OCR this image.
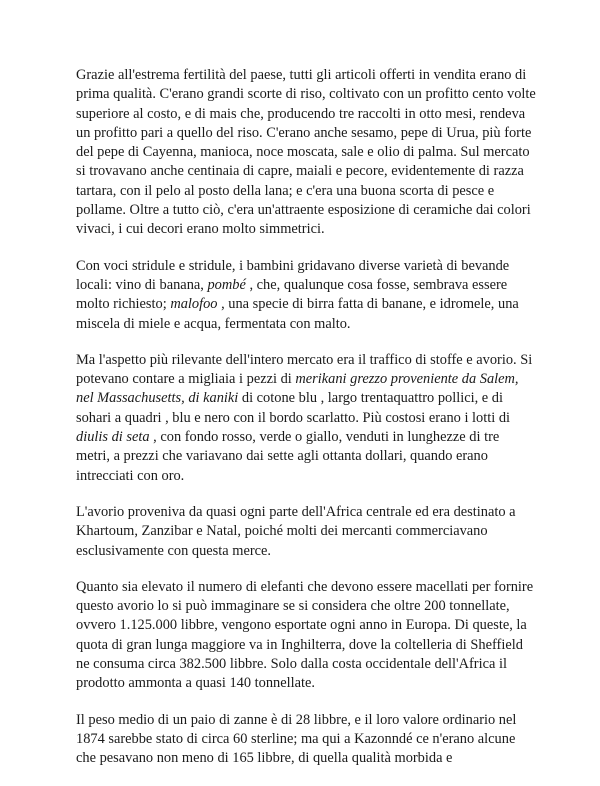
Grazie all'estrema fertilità del paese, tutti gli articoli offerti in vendita erano di prima qualità. C'erano grandi scorte di riso, coltivato con un profitto cento volte superiore al costo, e di mais che, producendo tre raccolti in otto mesi, rendeva un profitto pari a quello del riso. C'erano anche sesamo, pepe di Urua, più forte del pepe di Cayenna, manioca, noce moscata, sale e olio di palma. Sul mercato si trovavano anche centinaia di capre, maiali e pecore, evidentemente di razza tartara, con il pelo al posto della lana; e c'era una buona scorta di pesce e pollame. Oltre a tutto ciò, c'era un'attraente esposizione di ceramiche dai colori vivaci, i cui decori erano molto simmetrici.

Con voci stridule e stridule, i bambini gridavano diverse varietà di bevande locali: vino di banana, pombé , che, qualunque cosa fosse, sembrava essere molto richiesto; malofoo , una specie di birra fatta di banane, e idromele, una miscela di miele e acqua, fermentata con malto.

Ma l'aspetto più rilevante dell'intero mercato era il traffico di stoffe e avorio. Si potevano contare a migliaia i pezzi di merikani grezzo proveniente da Salem, nel Massachusetts, di kaniki di cotone blu , largo trentaquattro pollici, e di sohari a quadri , blu e nero con il bordo scarlatto. Più costosi erano i lotti di diulis di seta , con fondo rosso, verde o giallo, venduti in lunghezze di tre metri, a prezzi che variavano dai sette agli ottanta dollari, quando erano intrecciati con oro.

L'avorio proveniva da quasi ogni parte dell'Africa centrale ed era destinato a Khartoum, Zanzibar e Natal, poiché molti dei mercanti commerciavano esclusivamente con questa merce.

Quanto sia elevato il numero di elefanti che devono essere macellati per fornire questo avorio lo si può immaginare se si considera che oltre 200 tonnellate, ovvero 1.125.000 libbre, vengono esportate ogni anno in Europa. Di queste, la quota di gran lunga maggiore va in Inghilterra, dove la coltelleria di Sheffield ne consuma circa 382.500 libbre. Solo dalla costa occidentale dell'Africa il prodotto ammonta a quasi 140 tonnellate.

Il peso medio di un paio di zanne è di 28 libbre, e il loro valore ordinario nel 1874 sarebbe stato di circa 60 sterline; ma qui a Kazonndé ce n'erano alcune che pesavano non meno di 165 libbre, di quella qualità morbida e
